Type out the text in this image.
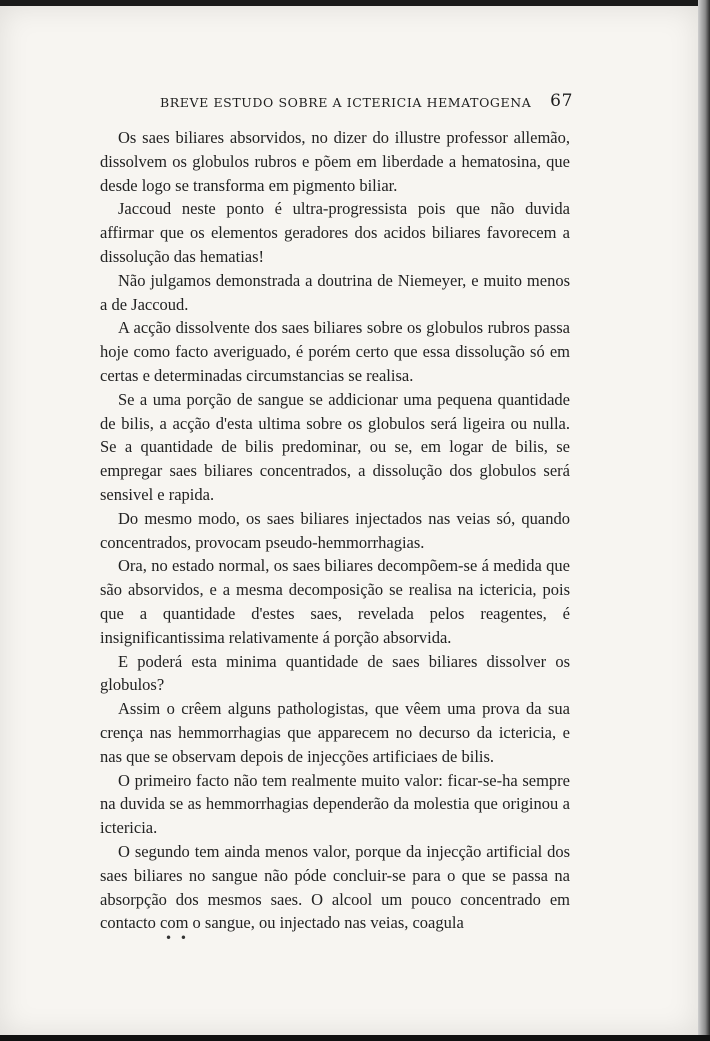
BREVE ESTUDO SOBRE A ICTERICIA HEMATOGENA 67

Os saes biliares absorvidos, no dizer do illustre professor allemão, dissolvem os globulos rubros e põem em liberdade a hematosina, que desde logo se transforma em pigmento biliar.

Jaccoud neste ponto é ultra-progressista pois que não duvida affirmar que os elementos geradores dos acidos biliares favorecem a dissolução das hematias!

Não julgamos demonstrada a doutrina de Niemeyer, e muito menos a de Jaccoud.

A acção dissolvente dos saes biliares sobre os globulos rubros passa hoje como facto averiguado, é porém certo que essa dissolução só em certas e determinadas circumstancias se realisa.

Se a uma porção de sangue se addicionar uma pequena quantidade de bilis, a acção d'esta ultima sobre os globulos será ligeira ou nulla. Se a quantidade de bilis predominar, ou se, em logar de bilis, se empregar saes biliares concentrados, a dissolução dos globulos será sensivel e rapida.

Do mesmo modo, os saes biliares injectados nas veias só, quando concentrados, provocam pseudo-hemmorrhagias.

Ora, no estado normal, os saes biliares decompõem-se á medida que são absorvidos, e a mesma decomposição se realisa na ictericia, pois que a quantidade d'estes saes, revelada pelos reagentes, é insignificantissima relativamente á porção absorvida.

E poderá esta minima quantidade de saes biliares dissolver os globulos?

Assim o crêem alguns pathologistas, que vêem uma prova da sua crença nas hemmorrhagias que apparecem no decurso da ictericia, e nas que se observam depois de injecções artificiaes de bilis.

O primeiro facto não tem realmente muito valor: ficar-se-ha sempre na duvida se as hemmorrhagias dependerão da molestia que originou a ictericia.

O segundo tem ainda menos valor, porque da injecção artificial dos saes biliares no sangue não póde concluir-se para o que se passa na absorpção dos mesmos saes. O alcool um pouco concentrado em contacto com o sangue, ou injectado nas veias, coagula

• •
